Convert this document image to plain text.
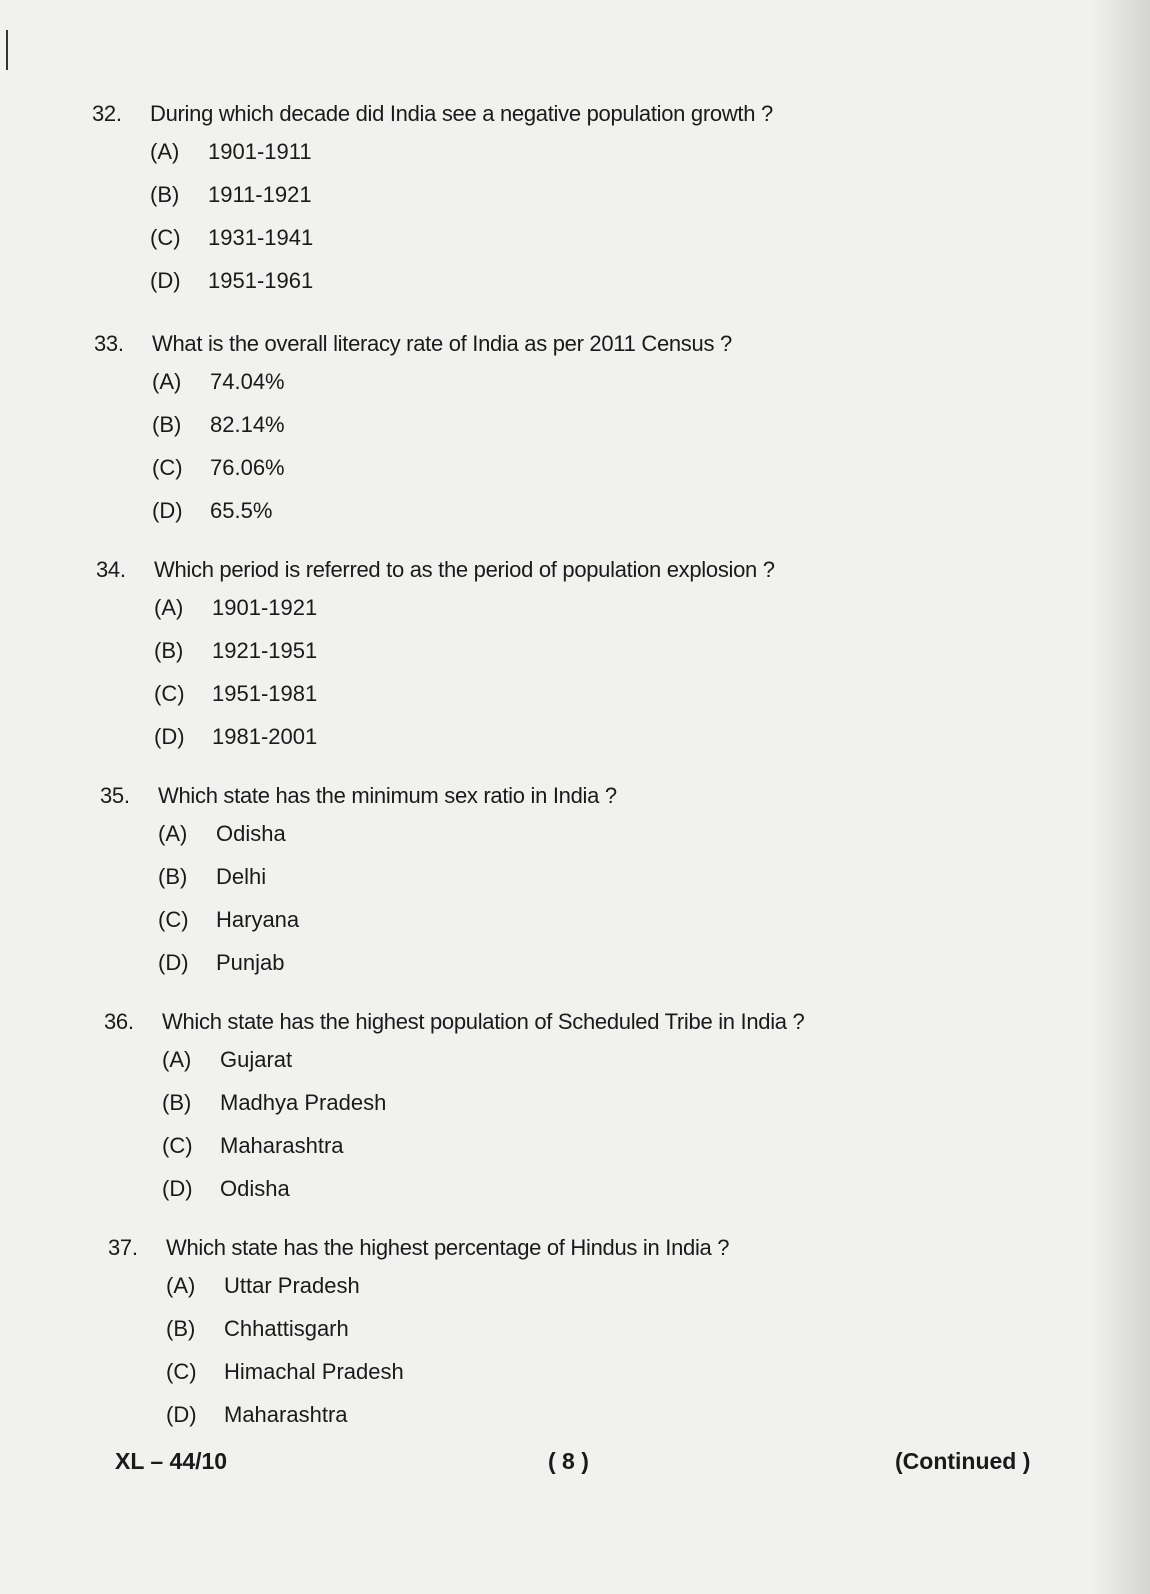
32.	During which decade did India see a negative population growth ?
(A)	1901-1911
(B)	1911-1921
(C)	1931-1941
(D)	1951-1961
33.	What is the overall literacy rate of India as per 2011 Census ?
(A)	74.04%
(B)	82.14%
(C)	76.06%
(D)	65.5%
34.	Which period is referred to as the period of population explosion ?
(A)	1901-1921
(B)	1921-1951
(C)	1951-1981
(D)	1981-2001
35.	Which state has the minimum sex ratio in India ?
(A)	Odisha
(B)	Delhi
(C)	Haryana
(D)	Punjab
36.	Which state has the highest population of Scheduled Tribe in India ?
(A)	Gujarat
(B)	Madhya Pradesh
(C)	Maharashtra
(D)	Odisha
37.	Which state has the highest percentage of Hindus in India ?
(A)	Uttar Pradesh
(B)	Chhattisgarh
(C)	Himachal Pradesh
(D)	Maharashtra
XL – 44/10	( 8 )	(Continued )
